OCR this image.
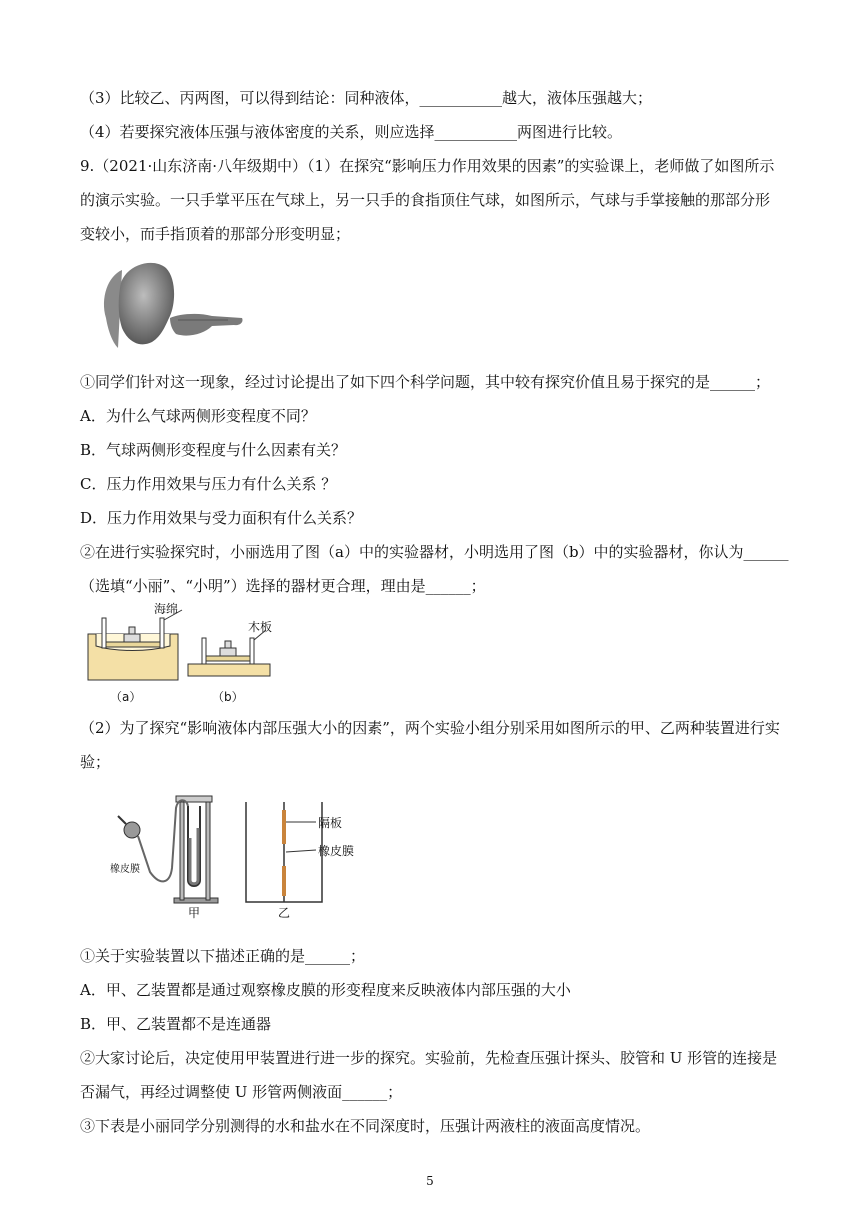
（3）比较乙、丙两图，可以得到结论：同种液体，___________越大，液体压强越大；
（4）若要探究液体压强与液体密度的关系，则应选择___________两图进行比较。
9.（2021·山东济南·八年级期中）（1）在探究“影响压力作用效果的因素”的实验课上，老师做了如图所示
的演示实验。一只手掌平压在气球上，另一只手的食指顶住气球，如图所示，气球与手掌接触的那部分形
变较小，而手指顶着的那部分形变明显；
①同学们针对这一现象，经过讨论提出了如下四个科学问题，其中较有探究价值且易于探究的是______；
A．为什么气球两侧形变程度不同？
B．气球两侧形变程度与什么因素有关？
C．压力作用效果与压力有什么关系 ？
D．压力作用效果与受力面积有什么关系？
②在进行实验探究时，小丽选用了图（a）中的实验器材，小明选用了图（b）中的实验器材，你认为______
（选填“小丽”、“小明”）选择的器材更合理，理由是______；
海绵
木板
（a）	（b）
（2）为了探究“影响液体内部压强大小的因素”，两个实验小组分别采用如图所示的甲、乙两种装置进行实
验；
橡皮膜
隔板
橡皮膜
甲	乙
①关于实验装置以下描述正确的是______；
A．甲、乙装置都是通过观察橡皮膜的形变程度来反映液体内部压强的大小
B．甲、乙装置都不是连通器
②大家讨论后，决定使用甲装置进行进一步的探究。实验前，先检查压强计探头、胶管和 U 形管的连接是
否漏气，再经过调整使 U 形管两侧液面______；
③下表是小丽同学分别测得的水和盐水在不同深度时，压强计两液柱的液面高度情况。
5
